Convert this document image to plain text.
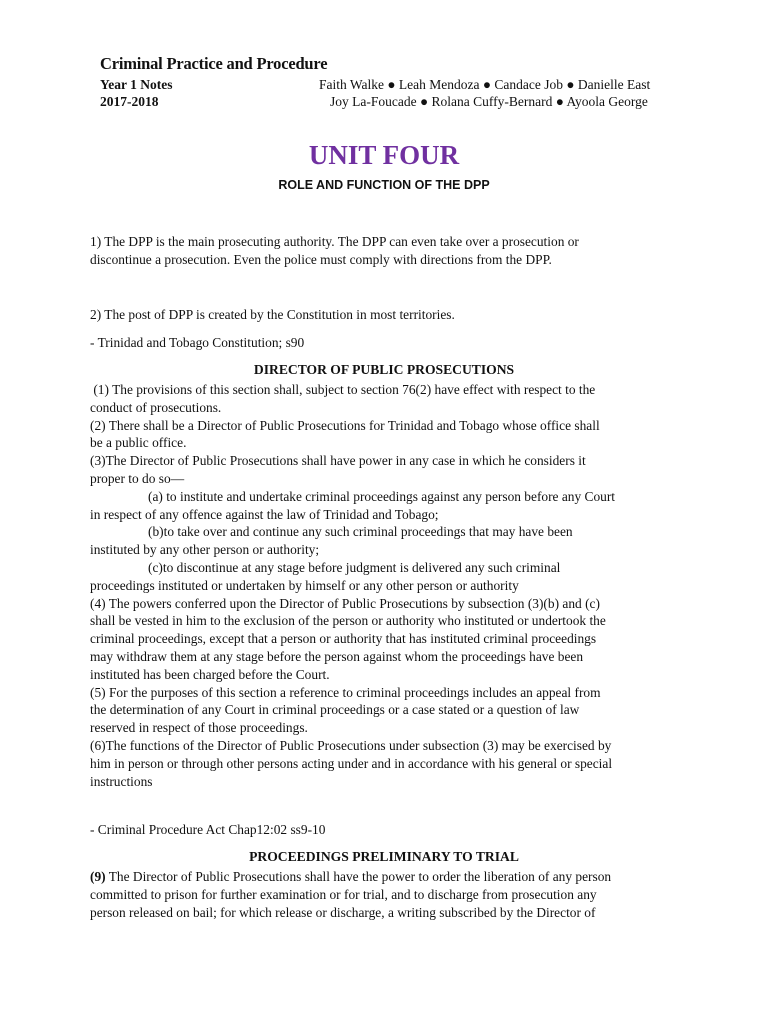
Criminal Practice and Procedure
Year 1 Notes
2017-2018
Faith Walke ● Leah Mendoza ● Candace Job ● Danielle East
Joy La-Foucade ● Rolana Cuffy-Bernard ● Ayoola George
UNIT FOUR
ROLE AND FUNCTION OF THE DPP
1) The DPP is the main prosecuting authority. The DPP can even take over a prosecution or
discontinue a prosecution. Even the police must comply with directions from the DPP.
2) The post of DPP is created by the Constitution in most territories.
- Trinidad and Tobago Constitution; s90
DIRECTOR OF PUBLIC PROSECUTIONS
(1) The provisions of this section shall, subject to section 76(2) have effect with respect to the
conduct of prosecutions.
(2) There shall be a Director of Public Prosecutions for Trinidad and Tobago whose office shall
be a public office.
(3)The Director of Public Prosecutions shall have power in any case in which he considers it
proper to do so—
(a) to institute and undertake criminal proceedings against any person before any Court
in respect of any offence against the law of Trinidad and Tobago;
(b)to take over and continue any such criminal proceedings that may have been
instituted by any other person or authority;
(c)to discontinue at any stage before judgment is delivered any such criminal
proceedings instituted or undertaken by himself or any other person or authority
(4) The powers conferred upon the Director of Public Prosecutions by subsection (3)(b) and (c)
shall be vested in him to the exclusion of the person or authority who instituted or undertook the
criminal proceedings, except that a person or authority that has instituted criminal proceedings
may withdraw them at any stage before the person against whom the proceedings have been
instituted has been charged before the Court.
(5) For the purposes of this section a reference to criminal proceedings includes an appeal from
the determination of any Court in criminal proceedings or a case stated or a question of law
reserved in respect of those proceedings.
(6)The functions of the Director of Public Prosecutions under subsection (3) may be exercised by
him in person or through other persons acting under and in accordance with his general or special
instructions
- Criminal Procedure Act Chap12:02 ss9-10
PROCEEDINGS PRELIMINARY TO TRIAL
(9) The Director of Public Prosecutions shall have the power to order the liberation of any person
committed to prison for further examination or for trial, and to discharge from prosecution any
person released on bail; for which release or discharge, a writing subscribed by the Director of
